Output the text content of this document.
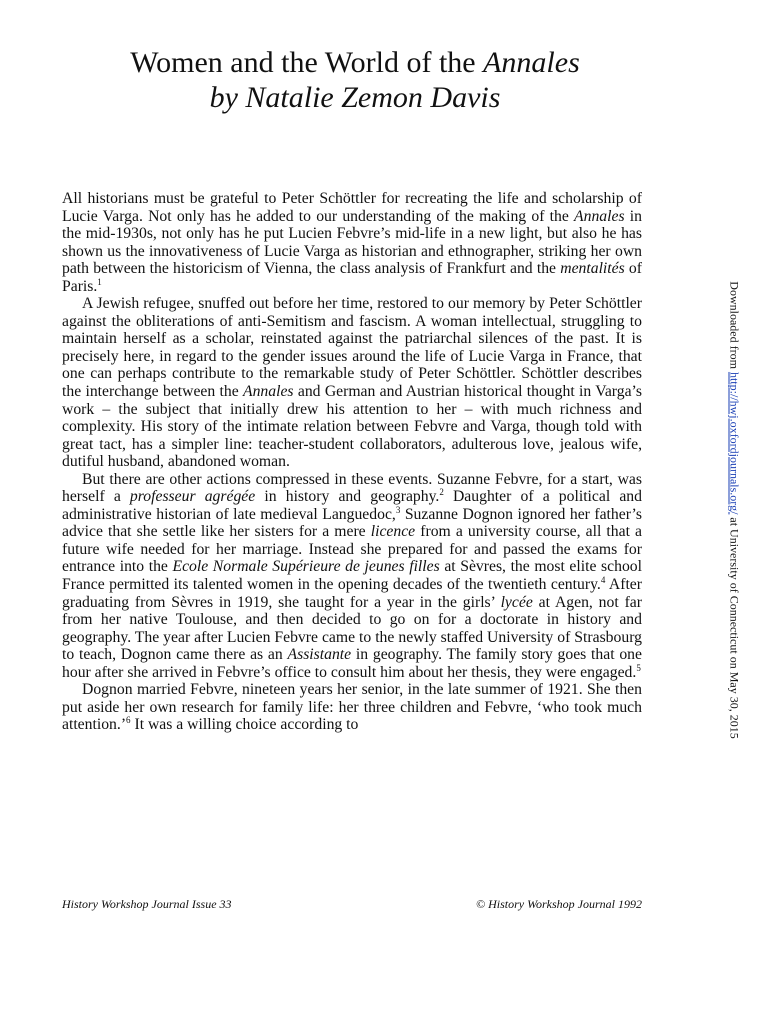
Women and the World of the Annales
by Natalie Zemon Davis

All historians must be grateful to Peter Schöttler for recreating the life and scholarship of Lucie Varga. Not only has he added to our understanding of the making of the Annales in the mid-1930s, not only has he put Lucien Febvre’s mid-life in a new light, but also he has shown us the innovativeness of Lucie Varga as historian and ethnographer, striking her own path between the historicism of Vienna, the class analysis of Frankfurt and the mentalités of Paris.$^1$

A Jewish refugee, snuffed out before her time, restored to our memory by Peter Schöttler against the obliterations of anti-Semitism and fascism. A woman intellectual, struggling to maintain herself as a scholar, reinstated against the patriarchal silences of the past. It is precisely here, in regard to the gender issues around the life of Lucie Varga in France, that one can perhaps contribute to the remarkable study of Peter Schöttler. Schöttler describes the interchange between the Annales and German and Austrian historical thought in Varga’s work – the subject that initially drew his attention to her – with much richness and complexity. His story of the intimate relation between Febvre and Varga, though told with great tact, has a simpler line: teacher-student collaborators, adulterous love, jealous wife, dutiful husband, abandoned woman.

But there are other actions compressed in these events. Suzanne Febvre, for a start, was herself a professeur agrégée in history and geography.$^2$ Daughter of a political and administrative historian of late medieval Languedoc,$^3$ Suzanne Dognon ignored her father’s advice that she settle like her sisters for a mere licence from a university course, all that a future wife needed for her marriage. Instead she prepared for and passed the exams for entrance into the Ecole Normale Supérieure de jeunes filles at Sèvres, the most elite school France permitted its talented women in the opening decades of the twentieth century.$^4$ After graduating from Sèvres in 1919, she taught for a year in the girls’ lycée at Agen, not far from her native Toulouse, and then decided to go on for a doctorate in history and geography. The year after Lucien Febvre came to the newly staffed University of Strasbourg to teach, Dognon came there as an Assistante in geography. The family story goes that one hour after she arrived in Febvre’s office to consult him about her thesis, they were engaged.$^5$

Dognon married Febvre, nineteen years her senior, in the late summer of 1921. She then put aside her own research for family life: her three children and Febvre, ‘who took much attention.’$^6$ It was a willing choice according to

History Workshop Journal Issue 33	© History Workshop Journal 1992
Downloaded from http://hwj.oxfordjournals.org/ at University of Connecticut on May 30, 2015
